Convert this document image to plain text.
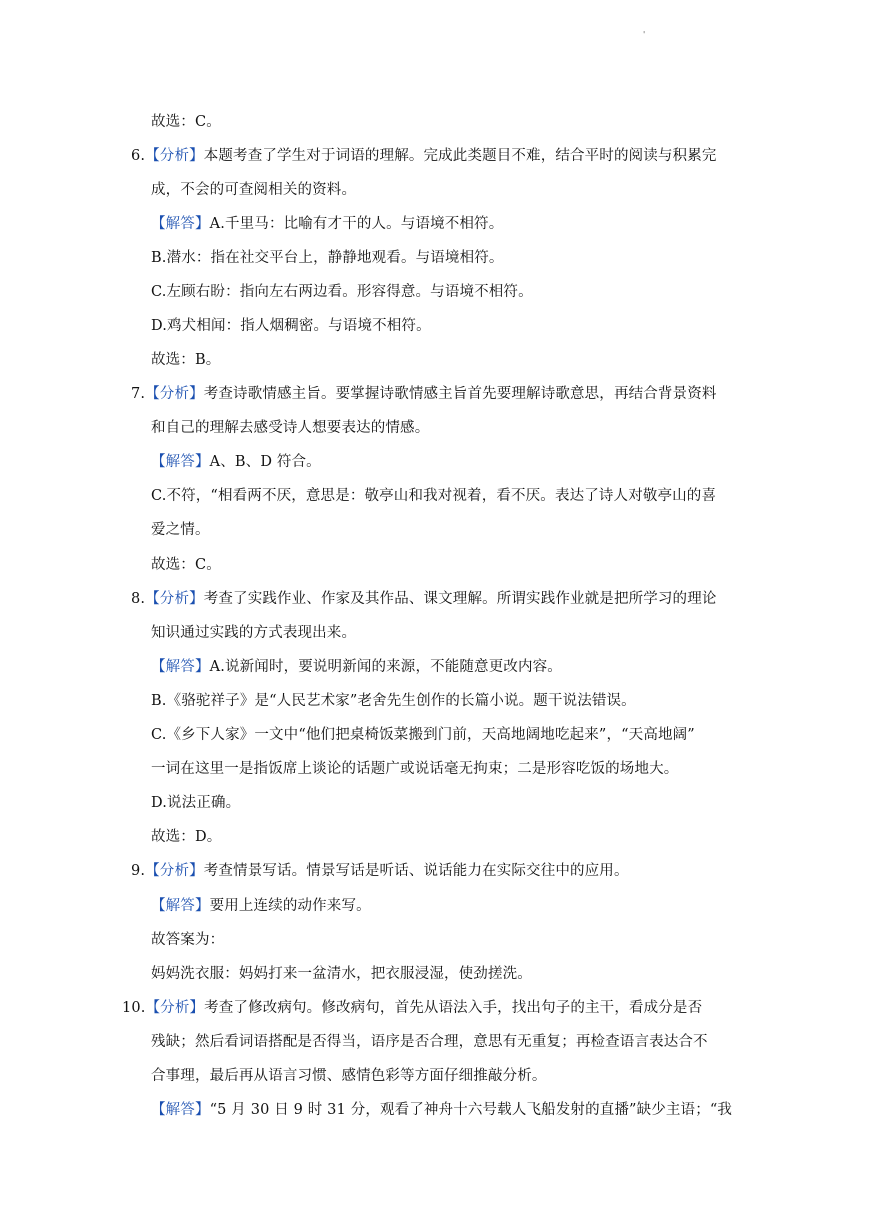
'
故选：C。
6.【分析】本题考查了学生对于词语的理解。完成此类题目不难，结合平时的阅读与积累完
成，不会的可查阅相关的资料。
【解答】A.千里马：比喻有才干的人。与语境不相符。
B.潜水：指在社交平台上，静静地观看。与语境相符。
C.左顾右盼：指向左右两边看。形容得意。与语境不相符。
D.鸡犬相闻：指人烟稠密。与语境不相符。
故选：B。
7.【分析】考查诗歌情感主旨。要掌握诗歌情感主旨首先要理解诗歌意思，再结合背景资料
和自己的理解去感受诗人想要表达的情感。
【解答】A、B、D 符合。
C.不符，“相看两不厌，意思是：敬亭山和我对视着，看不厌。表达了诗人对敬亭山的喜
爱之情。
故选：C。
8.【分析】考查了实践作业、作家及其作品、课文理解。所谓实践作业就是把所学习的理论
知识通过实践的方式表现出来。
【解答】A.说新闻时，要说明新闻的来源，不能随意更改内容。
B.《骆驼祥子》是“人民艺术家”老舍先生创作的长篇小说。题干说法错误。
C.《乡下人家》一文中“他们把桌椅饭菜搬到门前，天高地阔地吃起来”，“天高地阔”
一词在这里一是指饭席上谈论的话题广或说话毫无拘束；二是形容吃饭的场地大。
D.说法正确。
故选：D。
9.【分析】考查情景写话。情景写话是听话、说话能力在实际交往中的应用。
【解答】要用上连续的动作来写。
故答案为：
妈妈洗衣服：妈妈打来一盆清水，把衣服浸湿，使劲搓洗。
10.【分析】考查了修改病句。修改病句，首先从语法入手，找出句子的主干，看成分是否
残缺；然后看词语搭配是否得当，语序是否合理，意思有无重复；再检查语言表达合不
合事理，最后再从语言习惯、感情色彩等方面仔细推敲分析。
【解答】“5 月 30 日 9 时 31 分，观看了神舟十六号载人飞船发射的直播”缺少主语；“我
